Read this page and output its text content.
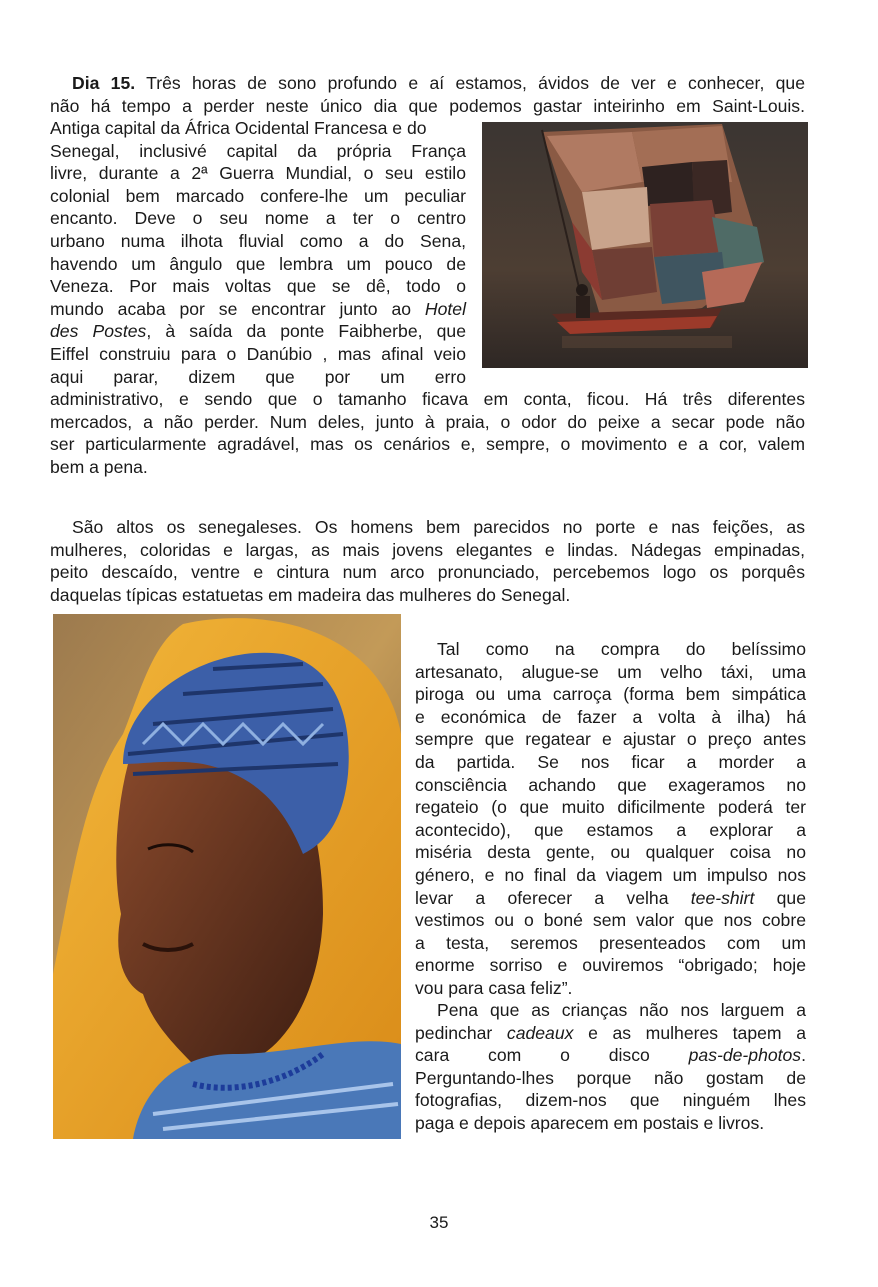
Dia 15. Três horas de sono profundo e aí estamos, ávidos de ver e conhecer, que
não há tempo a perder neste único dia que podemos gastar inteirinho em Saint-Louis.
Antiga capital da África Ocidental Francesa e do
Senegal, inclusivé capital da própria França
livre, durante a 2ª Guerra Mundial, o seu estilo
colonial bem marcado confere-lhe um peculiar
encanto. Deve o seu nome a ter o centro
urbano numa ilhota fluvial como a do Sena,
havendo um ângulo que lembra um pouco de
Veneza. Por mais voltas que se dê, todo o
mundo acaba por se encontrar junto ao Hotel
des Postes, à saída da ponte Faibherbe, que
Eiffel construiu para o Danúbio , mas afinal veio
aqui parar, dizem que por um erro
administrativo, e sendo que o tamanho ficava em conta, ficou. Há três diferentes
mercados, a não perder. Num deles, junto à praia, o odor do peixe a secar pode não
ser particularmente agradável, mas os cenários e, sempre, o movimento e a cor, valem
bem a pena.
São altos os senegaleses. Os homens bem parecidos no porte e nas feições, as
mulheres, coloridas e largas, as mais jovens elegantes e lindas. Nádegas empinadas,
peito descaído, ventre e cintura num arco pronunciado, percebemos logo os porquês
daquelas típicas estatuetas em madeira das mulheres do Senegal.
Tal como na compra do belíssimo
artesanato, alugue-se um velho táxi, uma
piroga ou uma carroça (forma bem simpática
e económica de fazer a volta à ilha) há
sempre que regatear e ajustar o preço antes
da partida. Se nos ficar a morder a
consciência achando que exageramos no
regateio (o que muito dificilmente poderá ter
acontecido), que estamos a explorar a
miséria desta gente, ou qualquer coisa no
género, e no final da viagem um impulso nos
levar a oferecer a velha tee-shirt que
vestimos ou o boné sem valor que nos cobre
a testa, seremos presenteados com um
enorme sorriso e ouviremos “obrigado; hoje
vou para casa feliz”.
Pena que as crianças não nos larguem a
pedinchar cadeaux e as mulheres tapem a
cara com o disco pas-de-photos.
Perguntando-lhes porque não gostam de
fotografias, dizem-nos que ninguém lhes
paga e depois aparecem em postais e livros.
35
